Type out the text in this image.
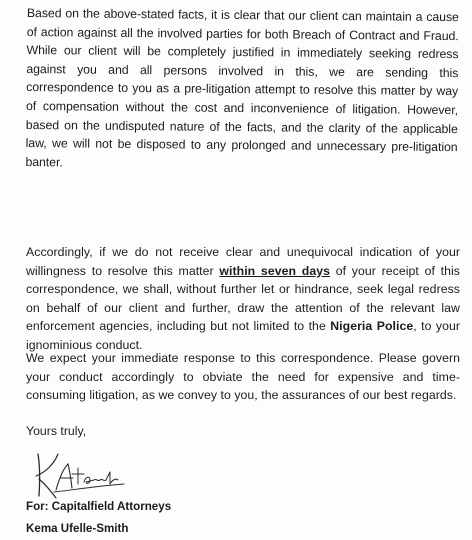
Based on the above-stated facts, it is clear that our client can maintain a cause of action against all the involved parties for both Breach of Contract and Fraud. While our client will be completely justified in immediately seeking redress against you and all persons involved in this, we are sending this correspondence to you as a pre-litigation attempt to resolve this matter by way of compensation without the cost and inconvenience of litigation. However, based on the undisputed nature of the facts, and the clarity of the applicable law, we will not be disposed to any prolonged and unnecessary pre-litigation banter.

Accordingly, if we do not receive clear and unequivocal indication of your willingness to resolve this matter within seven days of your receipt of this correspondence, we shall, without further let or hindrance, seek legal redress on behalf of our client and further, draw the attention of the relevant law enforcement agencies, including but not limited to the Nigeria Police, to your ignominious conduct.

We expect your immediate response to this correspondence. Please govern your conduct accordingly to obviate the need for expensive and time-consuming litigation, as we convey to you, the assurances of our best regards.

Yours truly,

For: Capitalfield Attorneys

Kema Ufelle-Smith
